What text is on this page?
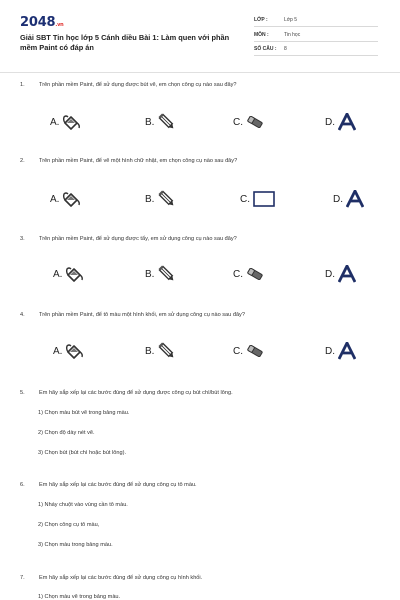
2048.vn
Giải SBT Tin học lớp 5 Cánh diều Bài 1: Làm quen với phần mềm Paint có đáp án
LỚP :	Lớp 5
MÔN :	Tin học
SỐ CÂU : 8
1.	Trên phần mềm Paint, để sử dụng được bút vẽ, em chọn công cụ nào sau đây?
A.	B.	C.	D.
2.	Trên phần mềm Paint, để vẽ một hình chữ nhật, em chọn công cụ nào sau đây?
A.	B.	C.	D.
3.	Trên phần mềm Paint, để sử dụng được tẩy, em sử dụng công cụ nào sau đây?
A.	B.	C.	D.
4.	Trên phần mềm Paint, để tô màu một hình khối, em sử dụng công cụ nào sau đây?
A.	B.	C.	D.
5.	Em hãy sắp xếp lại các bước đúng để sử dụng được công cụ bút chì/bút lông.
1) Chọn màu bút vẽ trong bảng màu.
2) Chọn độ dày nét vẽ.
3) Chọn bút (bút chì hoặc bút lông).
6.	Em hãy sắp xếp lại các bước đúng để sử dụng công cụ tô màu.
1) Nháy chuột vào vùng cần tô màu.
2) Chọn công cụ tô màu,
3) Chọn màu trong bảng màu.
7.	Em hãy sắp xếp lại các bước đúng để sử dụng công cụ hình khối.
1) Chọn màu vẽ trong bảng màu.
